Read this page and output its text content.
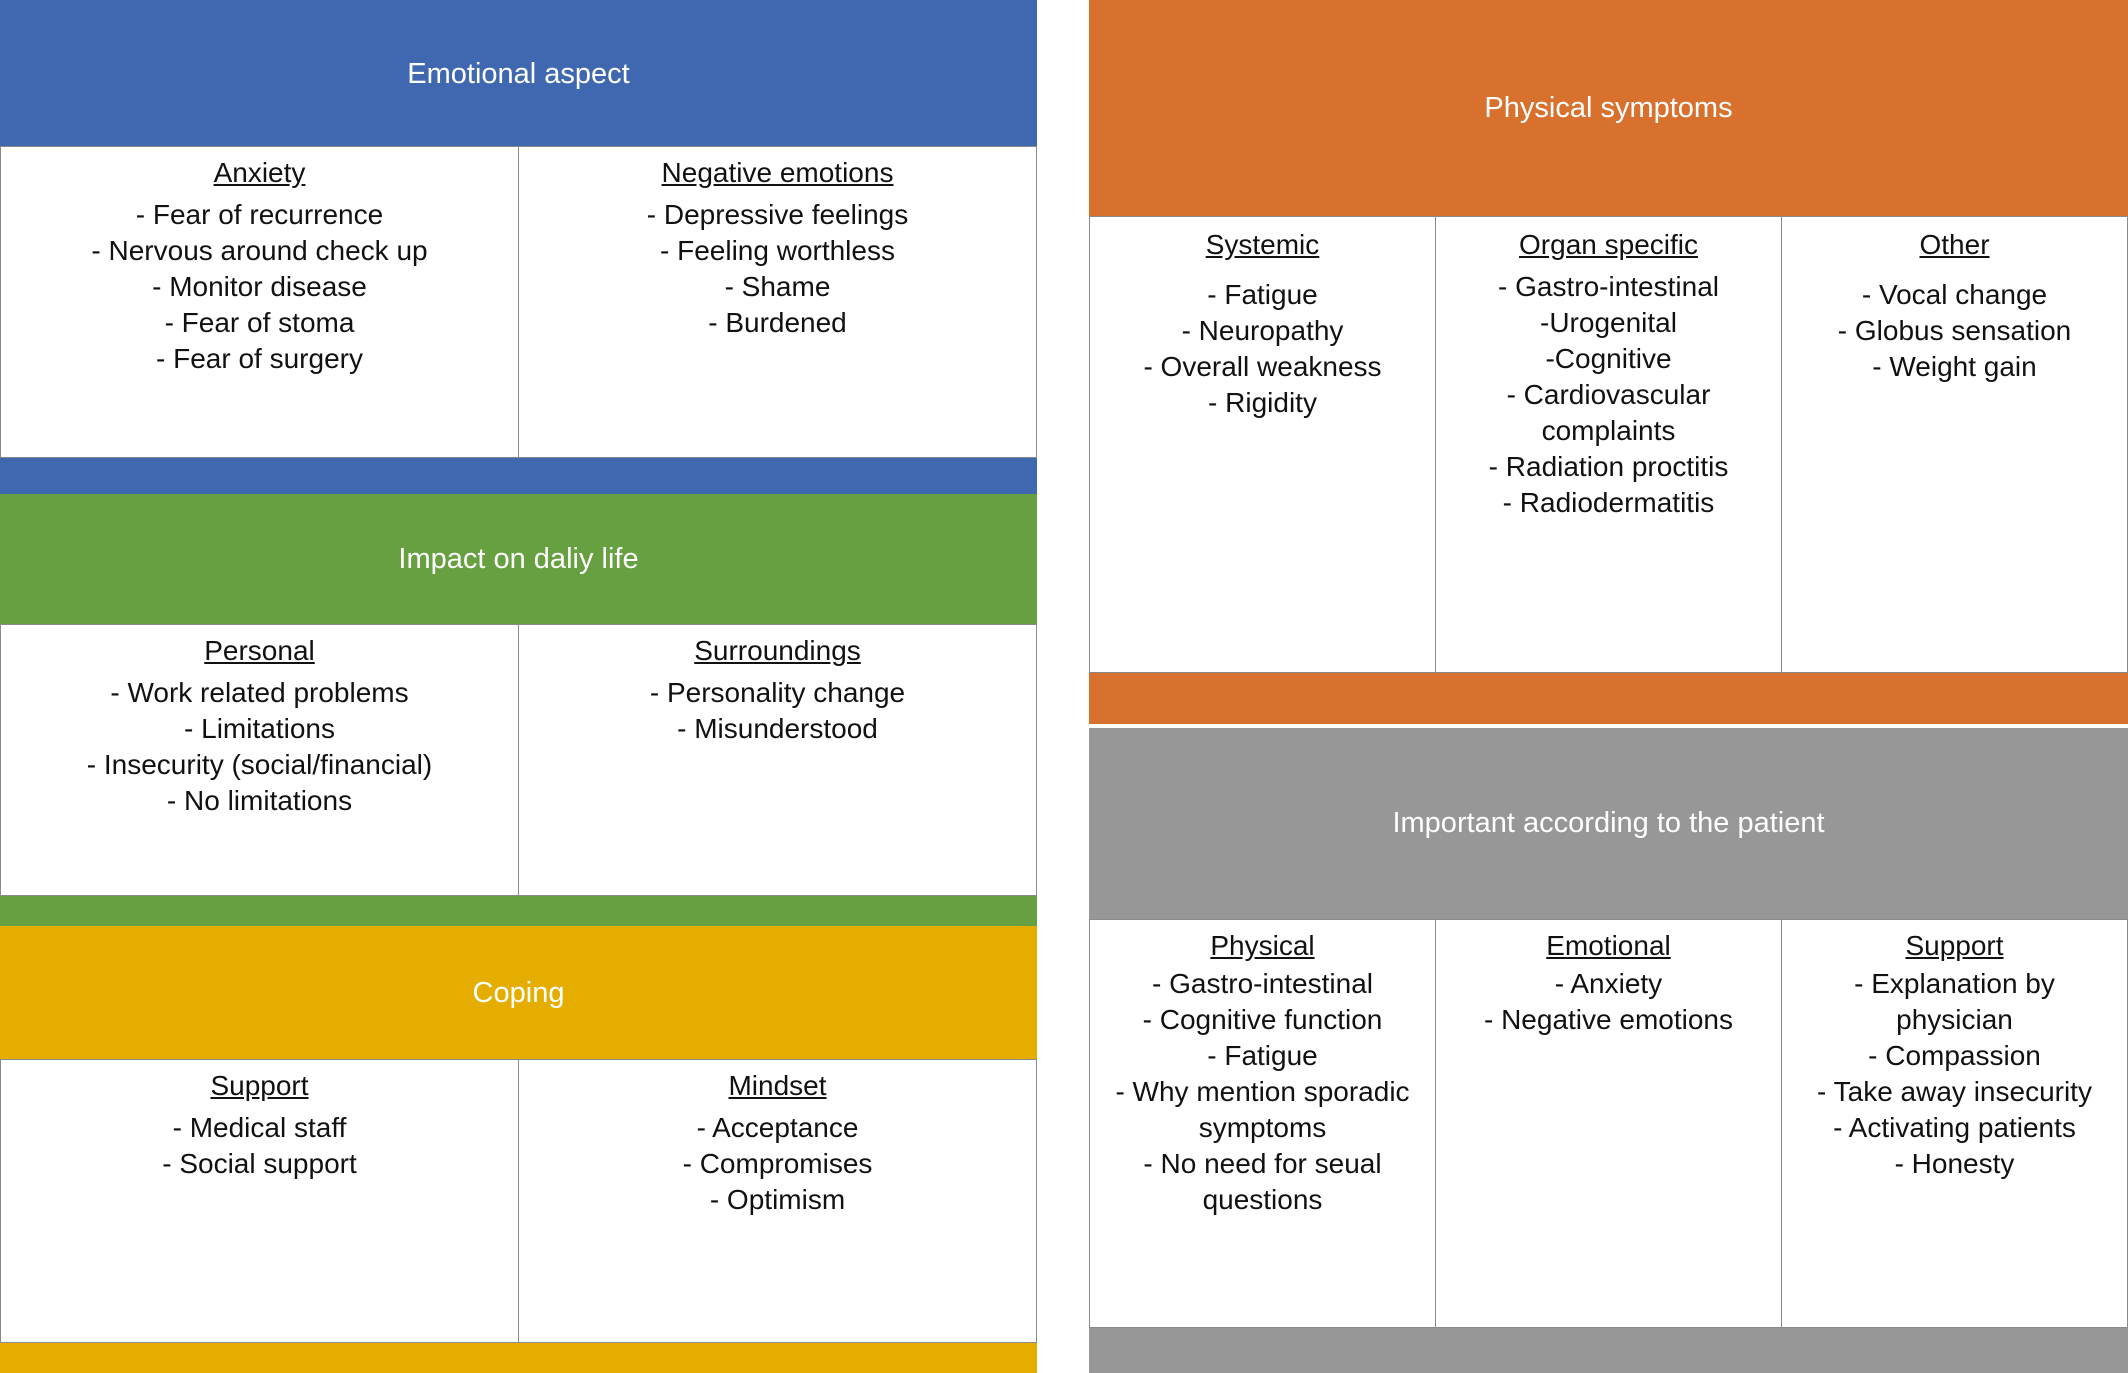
Emotional aspect
Anxiety
- Fear of recurrence
- Nervous around check up
- Monitor disease
- Fear of stoma
- Fear of surgery
Negative emotions
- Depressive feelings
- Feeling worthless
- Shame
- Burdened
Impact on daliy life
Personal
- Work related problems
- Limitations
- Insecurity (social/financial)
- No limitations
Surroundings
- Personality change
- Misunderstood
Coping
Support
- Medical staff
- Social support
Mindset
- Acceptance
- Compromises
- Optimism
Physical symptoms
Systemic
- Fatigue
- Neuropathy
- Overall weakness
- Rigidity
Organ specific
- Gastro-intestinal
-Urogenital
-Cognitive
- Cardiovascular complaints
- Radiation proctitis
- Radiodermatitis
Other
- Vocal change
- Globus sensation
- Weight gain
Important according to the patient
Physical
- Gastro-intestinal
- Cognitive function
- Fatigue
- Why mention sporadic symptoms
- No need for seual questions
Emotional
- Anxiety
- Negative emotions
Support
- Explanation by physician
- Compassion
- Take away insecurity
- Activating patients
- Honesty
